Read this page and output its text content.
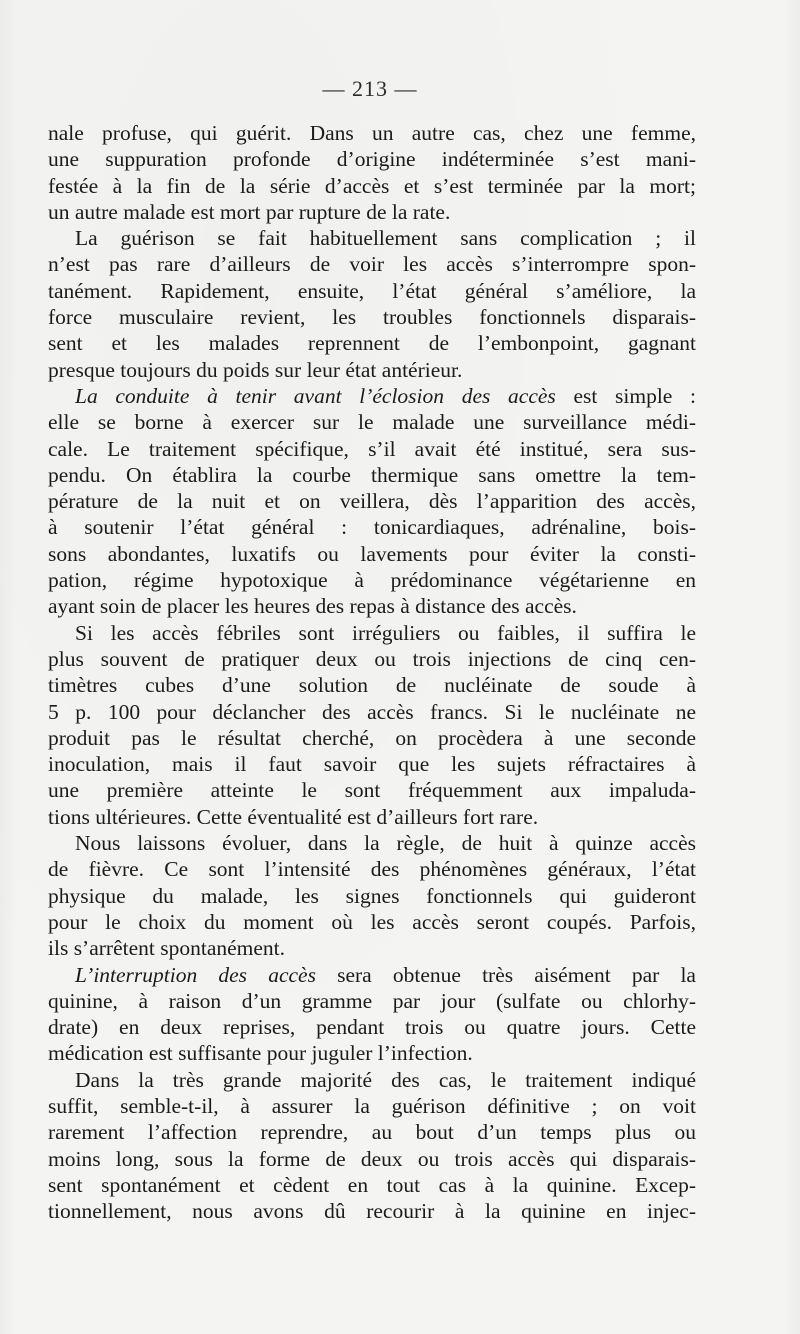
— 213 —

nale profuse, qui guérit. Dans un autre cas, chez une femme,
une suppuration profonde d’origine indéterminée s’est mani-
festée à la fin de la série d’accès et s’est terminée par la mort;
un autre malade est mort par rupture de la rate.

La guérison se fait habituellement sans complication ; il
n’est pas rare d’ailleurs de voir les accès s’interrompre spon-
tanément. Rapidement, ensuite, l’état général s’améliore, la
force musculaire revient, les troubles fonctionnels disparais-
sent et les malades reprennent de l’embonpoint, gagnant
presque toujours du poids sur leur état antérieur.

La conduite à tenir avant l’éclosion des accès est simple :
elle se borne à exercer sur le malade une surveillance médi-
cale. Le traitement spécifique, s’il avait été institué, sera sus-
pendu. On établira la courbe thermique sans omettre la tem-
pérature de la nuit et on veillera, dès l’apparition des accès,
à soutenir l’état général : tonicardiaques, adrénaline, bois-
sons abondantes, luxatifs ou lavements pour éviter la consti-
pation, régime hypotoxique à prédominance végétarienne en
ayant soin de placer les heures des repas à distance des accès.

Si les accès fébriles sont irréguliers ou faibles, il suffira le
plus souvent de pratiquer deux ou trois injections de cinq cen-
timètres cubes d’une solution de nucléinate de soude à
5 p. 100 pour déclancher des accès francs. Si le nucléinate ne
produit pas le résultat cherché, on procèdera à une seconde
inoculation, mais il faut savoir que les sujets réfractaires à
une première atteinte le sont fréquemment aux impaluda-
tions ultérieures. Cette éventualité est d’ailleurs fort rare.

Nous laissons évoluer, dans la règle, de huit à quinze accès
de fièvre. Ce sont l’intensité des phénomènes généraux, l’état
physique du malade, les signes fonctionnels qui guideront
pour le choix du moment où les accès seront coupés. Parfois,
ils s’arrêtent spontanément.

L’interruption des accès sera obtenue très aisément par la
quinine, à raison d’un gramme par jour (sulfate ou chlorhy-
drate) en deux reprises, pendant trois ou quatre jours. Cette
médication est suffisante pour juguler l’infection.

Dans la très grande majorité des cas, le traitement indiqué
suffit, semble-t-il, à assurer la guérison définitive ; on voit
rarement l’affection reprendre, au bout d’un temps plus ou
moins long, sous la forme de deux ou trois accès qui disparais-
sent spontanément et cèdent en tout cas à la quinine. Excep-
tionnellement, nous avons dû recourir à la quinine en injec-
